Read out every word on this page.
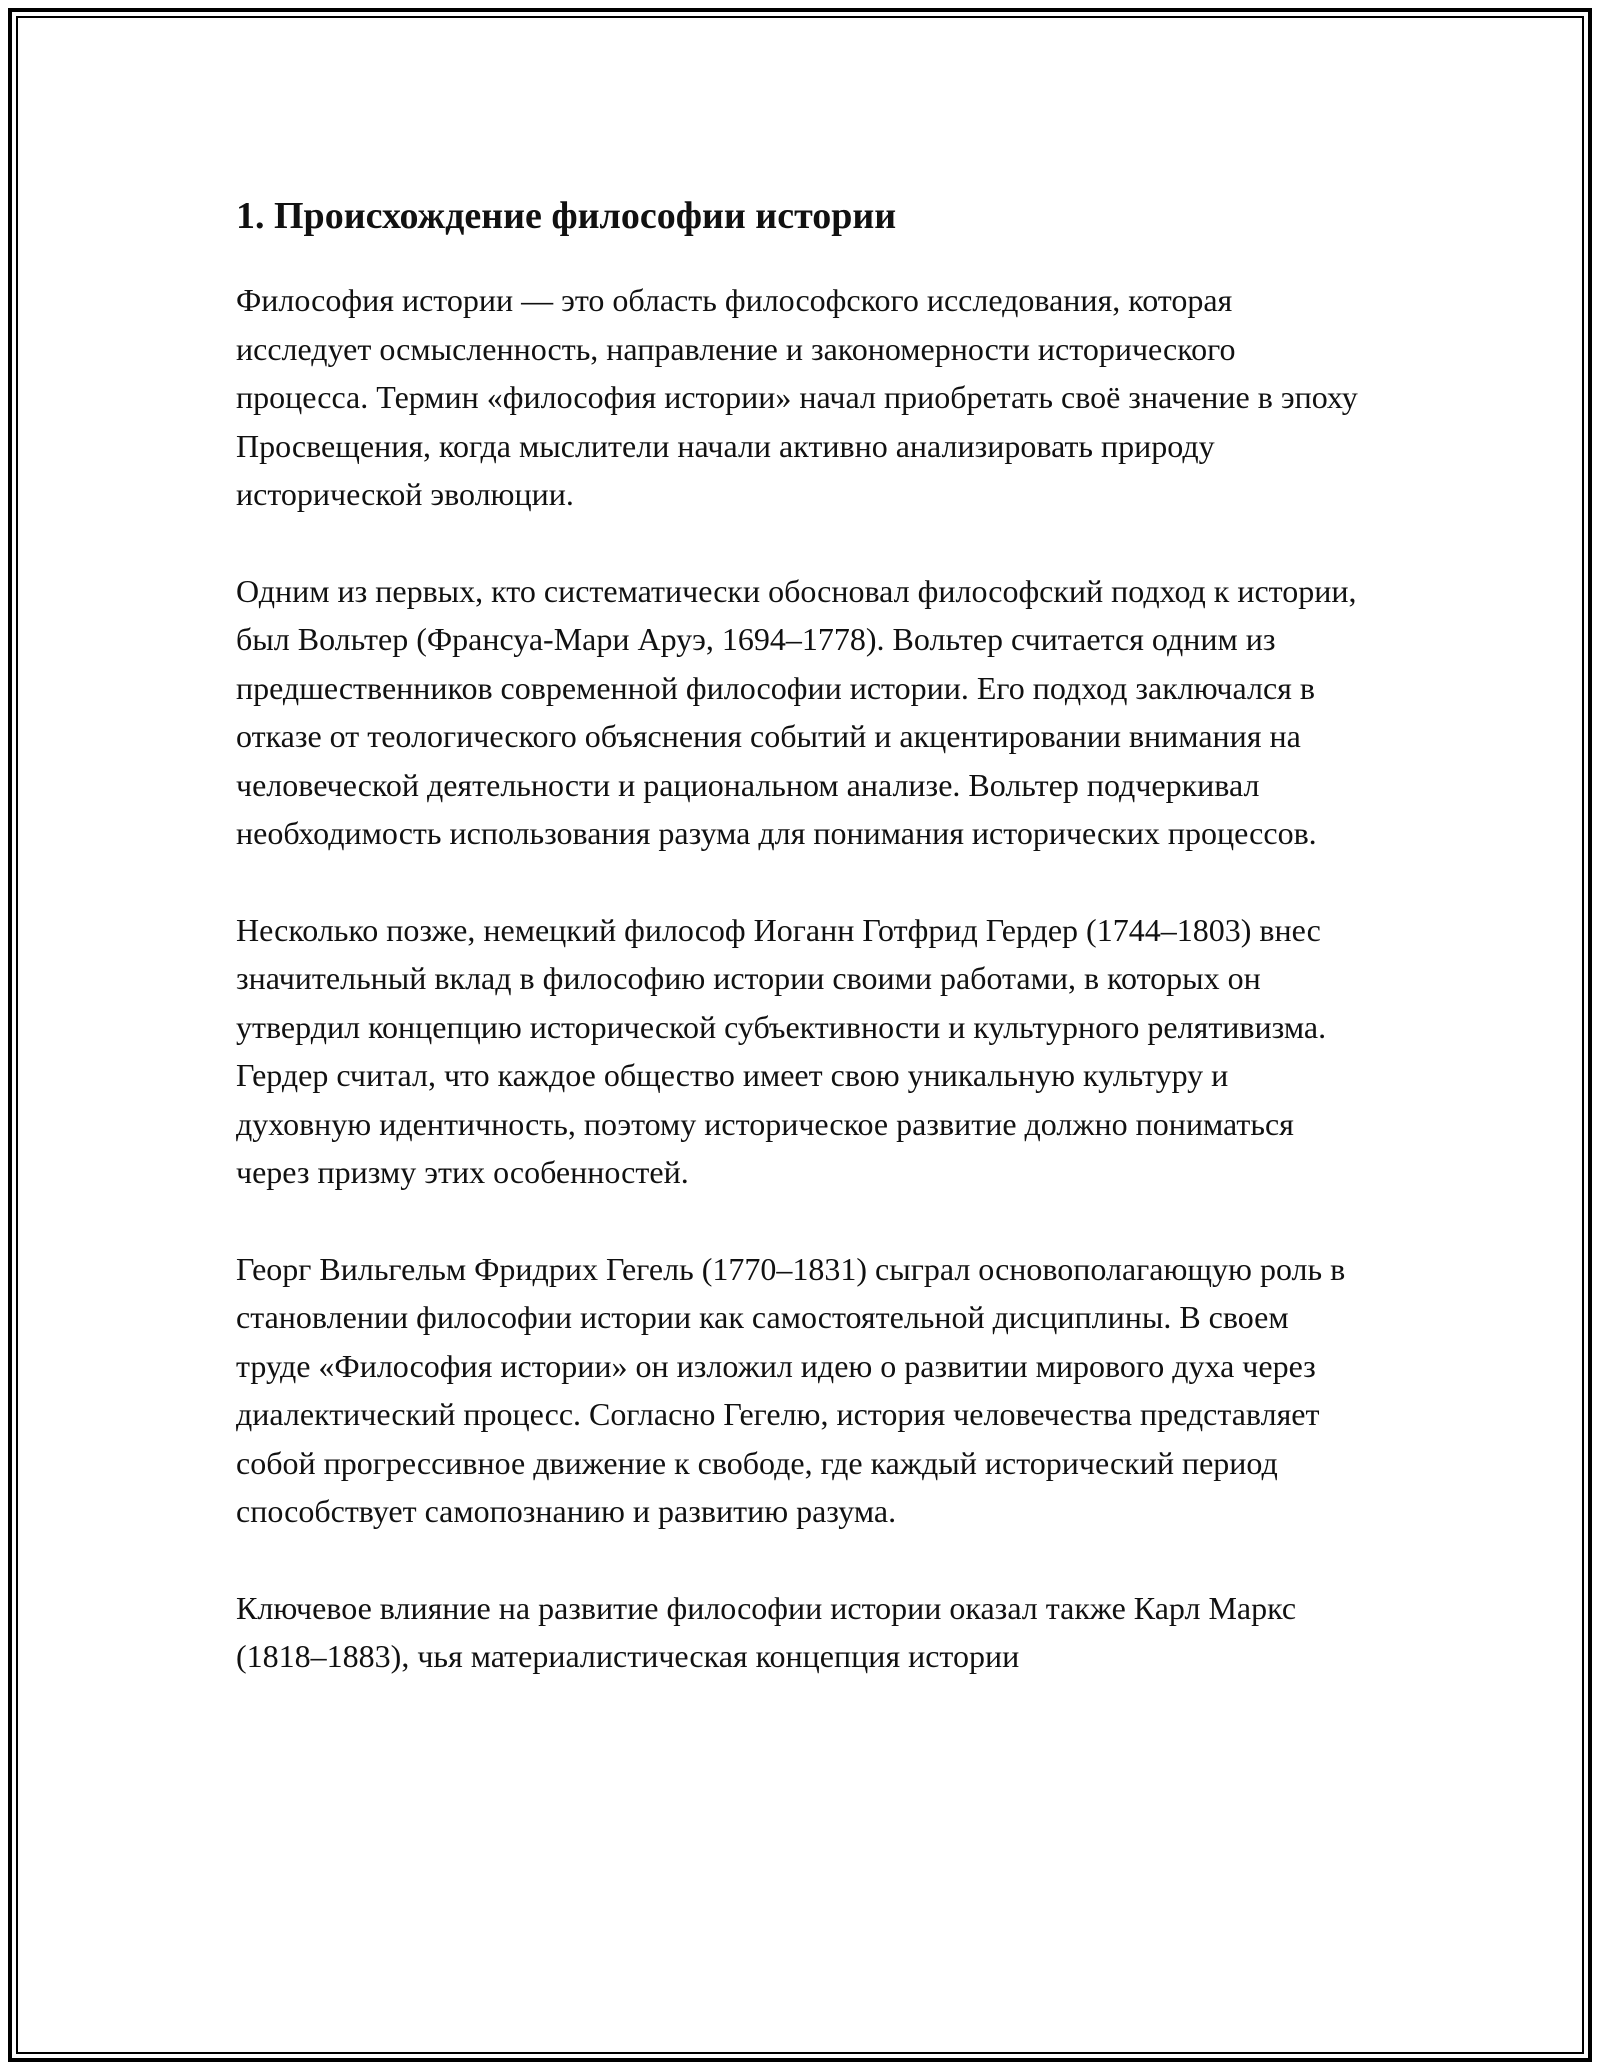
1. Происхождение философии истории

Философия истории — это область философского исследования, которая исследует осмысленность, направление и закономерности исторического процесса. Термин «философия истории» начал приобретать своё значение в эпоху Просвещения, когда мыслители начали активно анализировать природу исторической эволюции.

Одним из первых, кто систематически обосновал философский подход к истории, был Вольтер (Франсуа-Мари Аруэ, 1694–1778). Вольтер считается одним из предшественников современной философии истории. Его подход заключался в отказе от теологического объяснения событий и акцентировании внимания на человеческой деятельности и рациональном анализе. Вольтер подчеркивал необходимость использования разума для понимания исторических процессов.

Несколько позже, немецкий философ Иоганн Готфрид Гердер (1744–1803) внес значительный вклад в философию истории своими работами, в которых он утвердил концепцию исторической субъективности и культурного релятивизма. Гердер считал, что каждое общество имеет свою уникальную культуру и духовную идентичность, поэтому историческое развитие должно пониматься через призму этих особенностей.

Георг Вильгельм Фридрих Гегель (1770–1831) сыграл основополагающую роль в становлении философии истории как самостоятельной дисциплины. В своем труде «Философия истории» он изложил идею о развитии мирового духа через диалектический процесс. Согласно Гегелю, история человечества представляет собой прогрессивное движение к свободе, где каждый исторический период способствует самопознанию и развитию разума.

Ключевое влияние на развитие философии истории оказал также Карл Маркс (1818–1883), чья материалистическая концепция истории
